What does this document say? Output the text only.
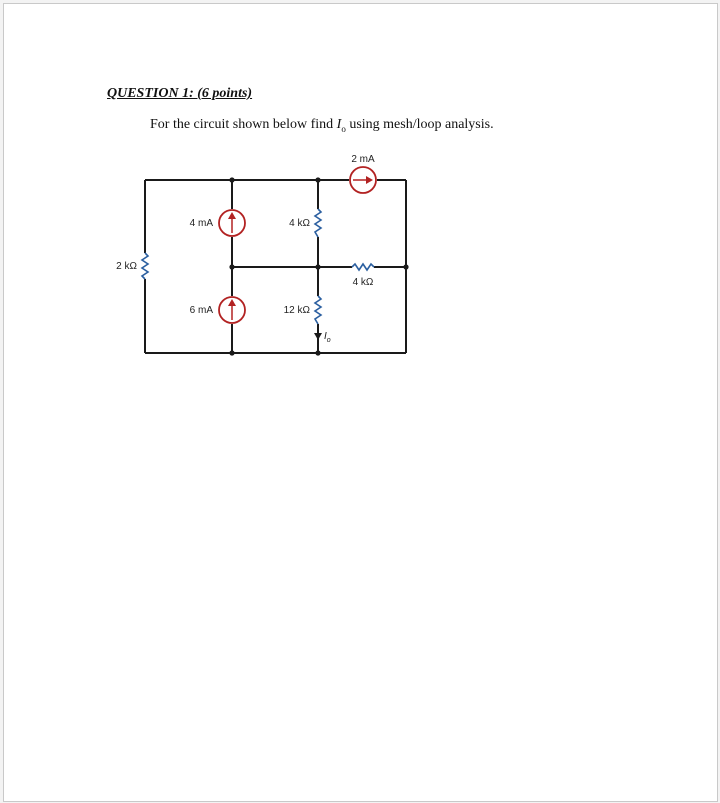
QUESTION 1: (6 points)
For the circuit shown below find $I_o$ using mesh/loop analysis.
2 mA
4 mA
6 mA
2 kΩ
4 kΩ
4 kΩ
12 kΩ
$I_o$
